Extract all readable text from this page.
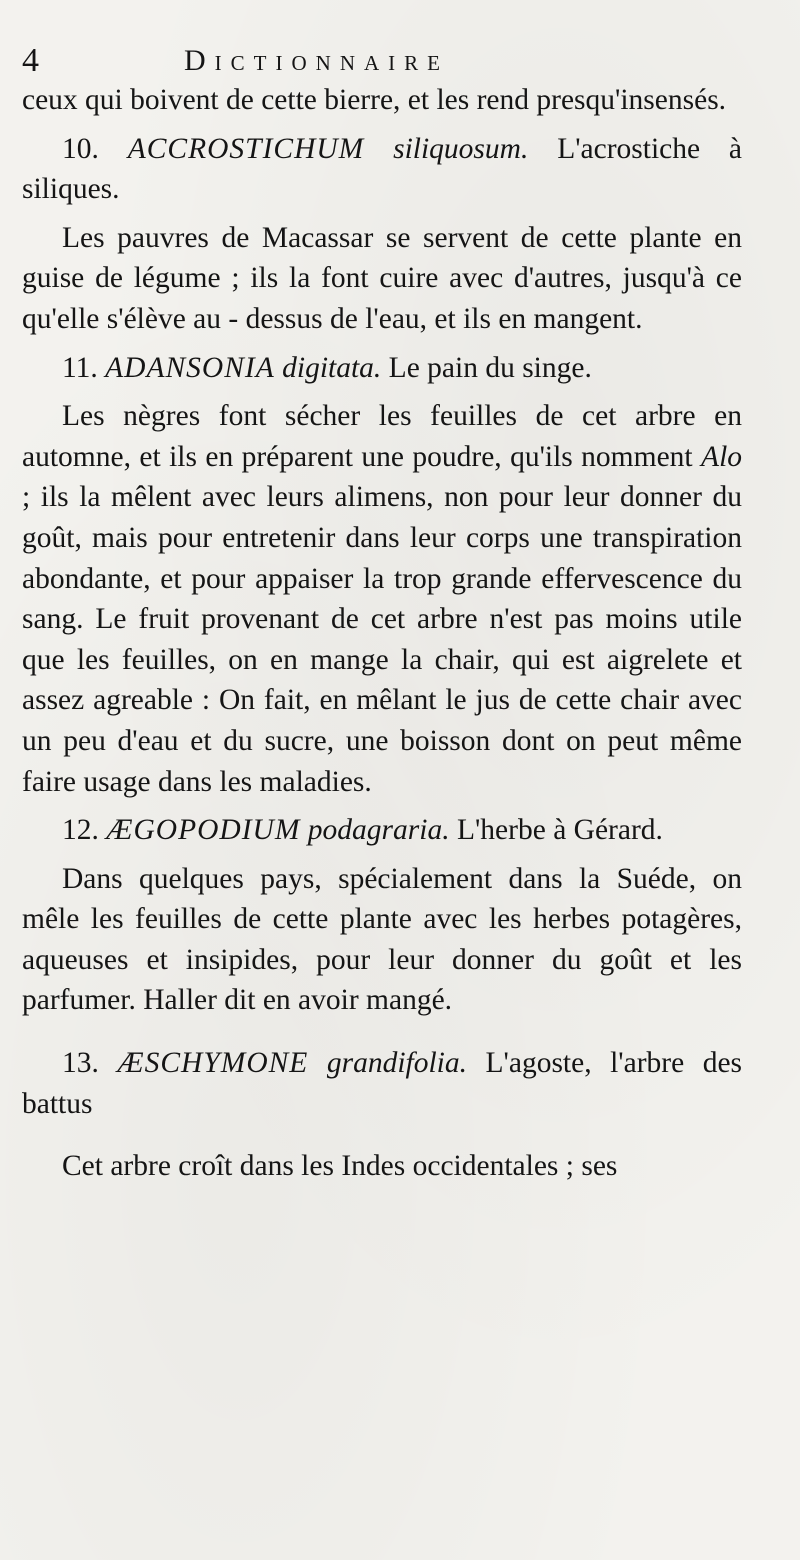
4	Dictionnaire

ceux qui boivent de cette bierre, et les rend presqu'insensés.

10. ACCROSTICHUM siliquosum. L'acrostiche à siliques.

Les pauvres de Macassar se servent de cette plante en guise de légume ; ils la font cuire avec d'autres, jusqu'à ce qu'elle s'élève au - dessus de l'eau, et ils en mangent.

11. ADANSONIA digitata. Le pain du singe.

Les nègres font sécher les feuilles de cet arbre en automne, et ils en préparent une poudre, qu'ils nomment Alo ; ils la mêlent avec leurs alimens, non pour leur donner du goût, mais pour entretenir dans leur corps une transpiration abondante, et pour appaiser la trop grande effervescence du sang. Le fruit provenant de cet arbre n'est pas moins utile que les feuilles, on en mange la chair, qui est aigrelete et assez agreable : On fait, en mêlant le jus de cette chair avec un peu d'eau et du sucre, une boisson dont on peut même faire usage dans les maladies.

12. ÆGOPODIUM podagraria. L'herbe à Gérard.

Dans quelques pays, spécialement dans la Suéde, on mêle les feuilles de cette plante avec les herbes potagères, aqueuses et insipides, pour leur donner du goût et les parfumer. Haller dit en avoir mangé.

13. ÆSCHYMONE grandifolia. L'agoste, l'arbre des battus

Cet arbre croît dans les Indes occidentales ; ses
